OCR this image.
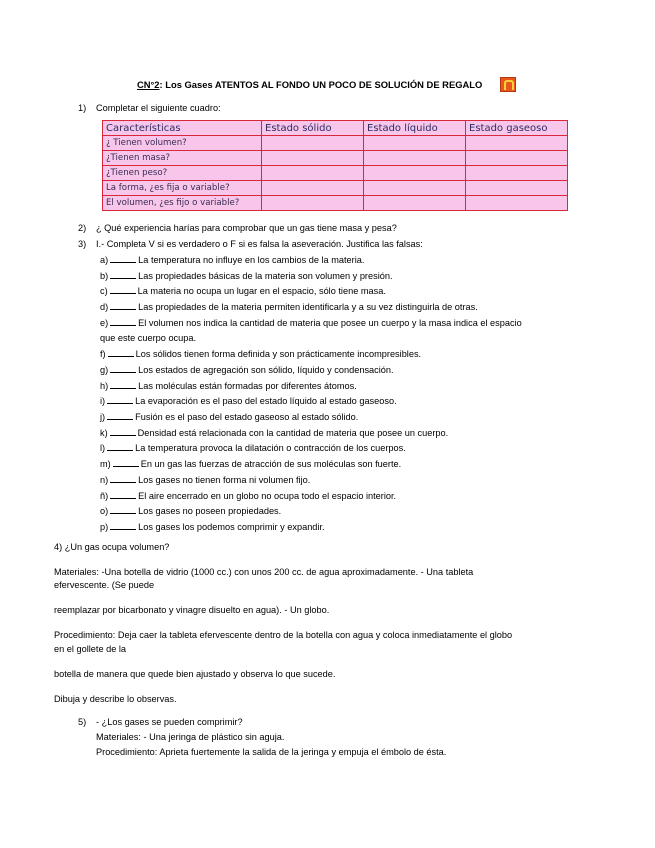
CN°2: Los Gases ATENTOS AL FONDO UN POCO DE SOLUCIÓN DE REGALO
1) Completar el siguiente cuadro:
Características	Estado sólido	Estado líquido	Estado gaseoso
¿ Tienen volumen?			
¿Tienen masa?			
¿Tienen peso?			
La forma, ¿es fija o variable?			
El volumen, ¿es fijo o variable?			
2) ¿ Qué experiencia harías para comprobar que un gas tiene masa y pesa?
3) I.- Completa V si es verdadero o F si es falsa la aseveración. Justifica las falsas:
a)	La temperatura no influye en los cambios de la materia.
b)	Las propiedades básicas de la materia son volumen y presión.
c)	La materia no ocupa un lugar en el espacio, sólo tiene masa.
d)	Las propiedades de la materia permiten identificarla y a su vez distinguirla de otras.
e)	El volumen nos indica la cantidad de materia que posee un cuerpo y la masa indica el espacio
que este cuerpo ocupa.
f)	Los sólidos tienen forma definida y son prácticamente incompresibles.
g)	Los estados de agregación son sólido, líquido y condensación.
h)	Las moléculas están formadas por diferentes átomos.
i)	La evaporación es el paso del estado líquido al estado gaseoso.
j)	Fusión es el paso del estado gaseoso al estado sólido.
k)	Densidad está relacionada con la cantidad de materia que posee un cuerpo.
l)	La temperatura provoca la dilatación o contracción de los cuerpos.
m)	En un gas las fuerzas de atracción de sus moléculas son fuerte.
n)	Los gases no tienen forma ni volumen fijo.
ñ)	El aire encerrado en un globo no ocupa todo el espacio interior.
o)	Los gases no poseen propiedades.
p)	Los gases los podemos comprimir y expandir.
4) ¿Un gas ocupa volumen?
Materiales: -Una botella de vidrio (1000 cc.) con unos 200 cc. de agua aproximadamente. - Una tableta
efervescente. (Se puede
reemplazar por bicarbonato y vinagre disuelto en agua). - Un globo.
Procedimiento: Deja caer la tableta efervescente dentro de la botella con agua y coloca inmediatamente el globo
en el gollete de la
botella de manera que quede bien ajustado y observa lo que sucede.
Dibuja y describe lo observas.
5) - ¿Los gases se pueden comprimir?
Materiales: - Una jeringa de plástico sin aguja.
Procedimiento: Aprieta fuertemente la salida de la jeringa y empuja el émbolo de ésta.
